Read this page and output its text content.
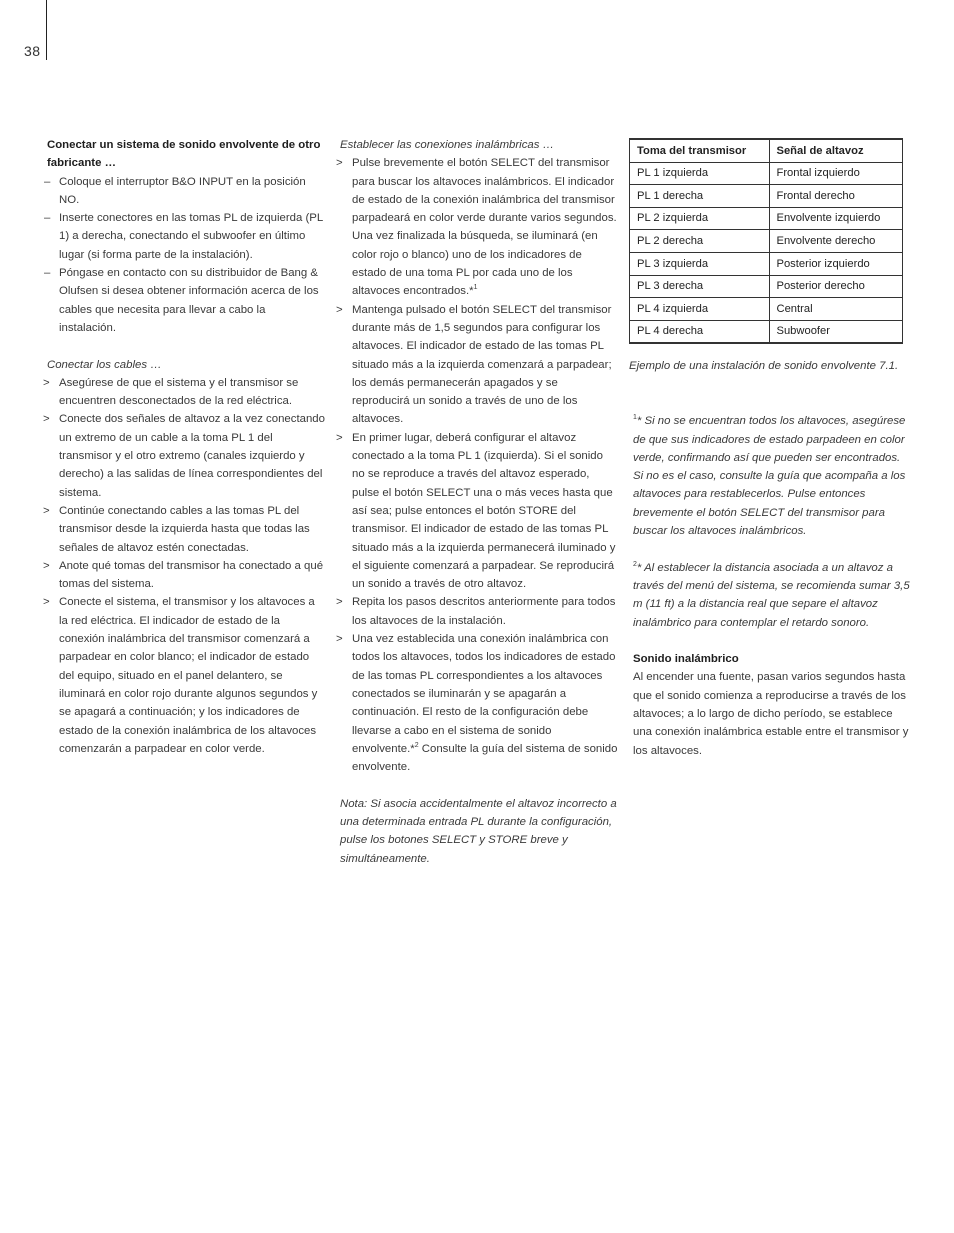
38

Conectar un sistema de sonido envolvente de otro fabricante …

– Coloque el interruptor B&O INPUT en la posición NO.
– Inserte conectores en las tomas PL de izquierda (PL 1) a derecha, conectando el subwoofer en último lugar (si forma parte de la instalación).
– Póngase en contacto con su distribuidor de Bang & Olufsen si desea obtener información acerca de los cables que necesita para llevar a cabo la instalación.

Conectar los cables …

> Asegúrese de que el sistema y el transmisor se encuentren desconectados de la red eléctrica.
> Conecte dos señales de altavoz a la vez conectando un extremo de un cable a la toma PL 1 del transmisor y el otro extremo (canales izquierdo y derecho) a las salidas de línea correspondientes del sistema.
> Continúe conectando cables a las tomas PL del transmisor desde la izquierda hasta que todas las señales de altavoz estén conectadas.
> Anote qué tomas del transmisor ha conectado a qué tomas del sistema.
> Conecte el sistema, el transmisor y los altavoces a la red eléctrica. El indicador de estado de la conexión inalámbrica del transmisor comenzará a parpadear en color blanco; el indicador de estado del equipo, situado en el panel delantero, se iluminará en color rojo durante algunos segundos y se apagará a continuación; y los indicadores de estado de la conexión inalámbrica de los altavoces comenzarán a parpadear en color verde.

Establecer las conexiones inalámbricas …

> Pulse brevemente el botón SELECT del transmisor para buscar los altavoces inalámbricos. El indicador de estado de la conexión inalámbrica del transmisor parpadeará en color verde durante varios segundos. Una vez finalizada la búsqueda, se iluminará (en color rojo o blanco) uno de los indicadores de estado de una toma PL por cada uno de los altavoces encontrados.*$^1$
> Mantenga pulsado el botón SELECT del transmisor durante más de 1,5 segundos para configurar los altavoces. El indicador de estado de las tomas PL situado más a la izquierda comenzará a parpadear; los demás permanecerán apagados y se reproducirá un sonido a través de uno de los altavoces.
> En primer lugar, deberá configurar el altavoz conectado a la toma PL 1 (izquierda). Si el sonido no se reproduce a través del altavoz esperado, pulse el botón SELECT una o más veces hasta que así sea; pulse entonces el botón STORE del transmisor. El indicador de estado de las tomas PL situado más a la izquierda permanecerá iluminado y el siguiente comenzará a parpadear. Se reproducirá un sonido a través de otro altavoz.
> Repita los pasos descritos anteriormente para todos los altavoces de la instalación.
> Una vez establecida una conexión inalámbrica con todos los altavoces, todos los indicadores de estado de las tomas PL correspondientes a los altavoces conectados se iluminarán y se apagarán a continuación. El resto de la configuración debe llevarse a cabo en el sistema de sonido envolvente.*$^2$ Consulte la guía del sistema de sonido envolvente.

Nota: Si asocia accidentalmente el altavoz incorrecto a una determinada entrada PL durante la configuración, pulse los botones SELECT y STORE breve y simultáneamente.

Toma del transmisor	Señal de altavoz
PL 1 izquierda	Frontal izquierdo
PL 1 derecha	Frontal derecho
PL 2 izquierda	Envolvente izquierdo
PL 2 derecha	Envolvente derecho
PL 3 izquierda	Posterior izquierdo
PL 3 derecha	Posterior derecho
PL 4 izquierda	Central
PL 4 derecha	Subwoofer

Ejemplo de una instalación de sonido envolvente 7.1.

$^1$* Si no se encuentran todos los altavoces, asegúrese de que sus indicadores de estado parpadeen en color verde, confirmando así que pueden ser encontrados. Si no es el caso, consulte la guía que acompaña a los altavoces para restablecerlos. Pulse entonces brevemente el botón SELECT del transmisor para buscar los altavoces inalámbricos.

$^2$* Al establecer la distancia asociada a un altavoz a través del menú del sistema, se recomienda sumar 3,5 m (11 ft) a la distancia real que separe el altavoz inalámbrico para contemplar el retardo sonoro.

Sonido inalámbrico

Al encender una fuente, pasan varios segundos hasta que el sonido comienza a reproducirse a través de los altavoces; a lo largo de dicho período, se establece una conexión inalámbrica estable entre el transmisor y los altavoces.
